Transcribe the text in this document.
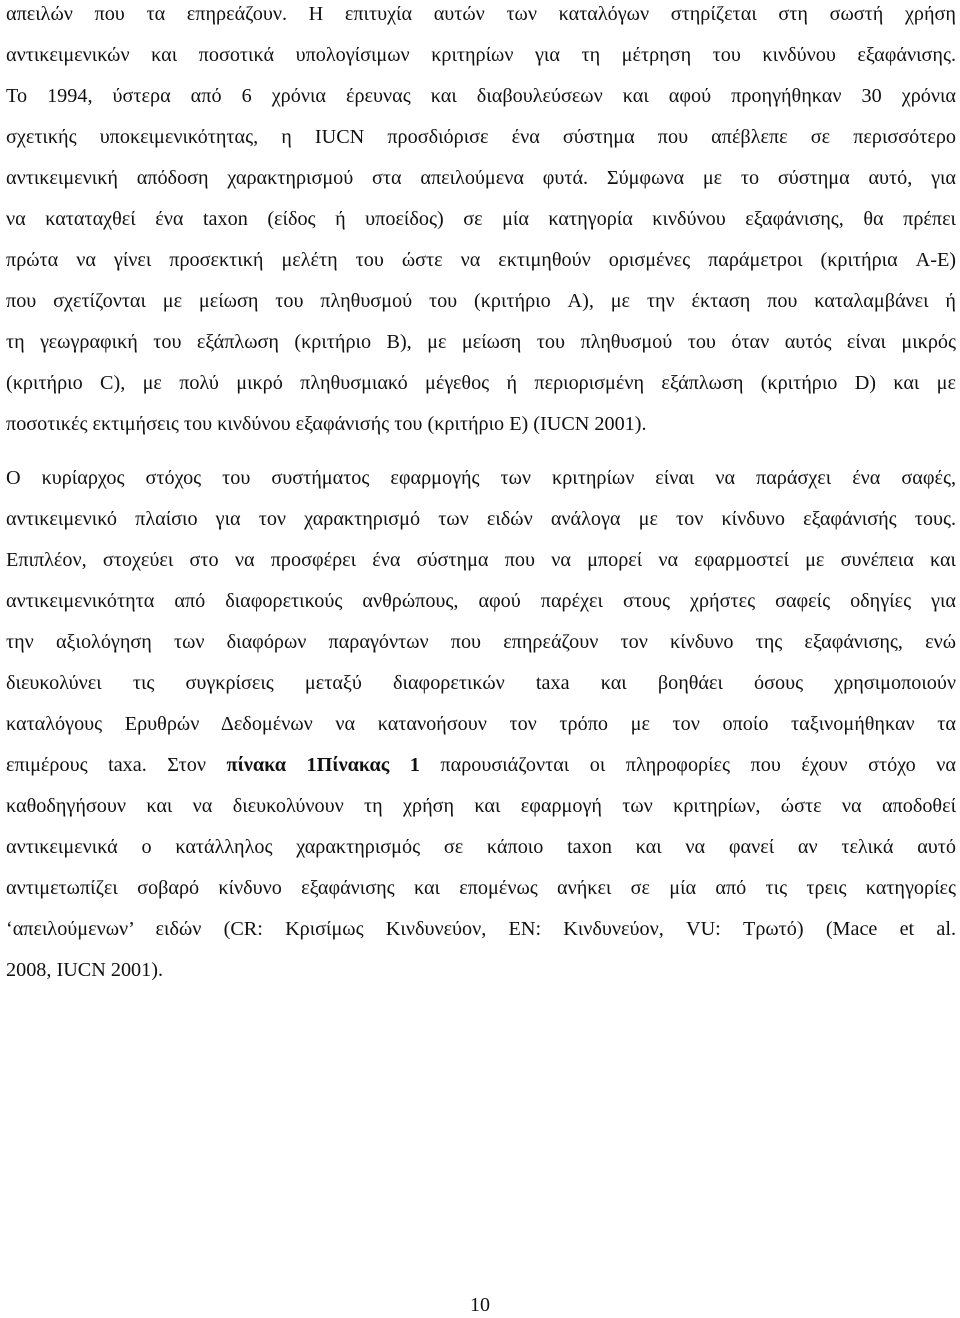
απειλών που τα επηρεάζουν. Η επιτυχία αυτών των καταλόγων στηρίζεται στη σωστή χρήση
αντικειμενικών και ποσοτικά υπολογίσιμων κριτηρίων για τη μέτρηση του κινδύνου εξαφάνισης.
Το 1994, ύστερα από 6 χρόνια έρευνας και διαβουλεύσεων και αφού προηγήθηκαν 30 χρόνια
σχετικής υποκειμενικότητας, η IUCN προσδιόρισε ένα σύστημα που απέβλεπε σε περισσότερο
αντικειμενική απόδοση χαρακτηρισμού στα απειλούμενα φυτά. Σύμφωνα με το σύστημα αυτό, για
να καταταχθεί ένα taxon (είδος ή υποείδος) σε μία κατηγορία κινδύνου εξαφάνισης, θα πρέπει
πρώτα να γίνει προσεκτική μελέτη του ώστε να εκτιμηθούν ορισμένες παράμετροι (κριτήρια A-E)
που σχετίζονται με μείωση του πληθυσμού του (κριτήριο A), με την έκταση που καταλαμβάνει ή
τη γεωγραφική του εξάπλωση (κριτήριο B), με μείωση του πληθυσμού του όταν αυτός είναι μικρός
(κριτήριο C), με πολύ μικρό πληθυσμιακό μέγεθος ή περιορισμένη εξάπλωση (κριτήριο D) και με
ποσοτικές εκτιμήσεις του κινδύνου εξαφάνισής του (κριτήριο E) (IUCN 2001).

Ο κυρίαρχος στόχος του συστήματος εφαρμογής των κριτηρίων είναι να παράσχει ένα σαφές,
αντικειμενικό πλαίσιο για τον χαρακτηρισμό των ειδών ανάλογα με τον κίνδυνο εξαφάνισής τους.
Επιπλέον, στοχεύει στο να προσφέρει ένα σύστημα που να μπορεί να εφαρμοστεί με συνέπεια και
αντικειμενικότητα από διαφορετικούς ανθρώπους, αφού παρέχει στους χρήστες σαφείς οδηγίες για
την αξιολόγηση των διαφόρων παραγόντων που επηρεάζουν τον κίνδυνο της εξαφάνισης, ενώ
διευκολύνει τις συγκρίσεις μεταξύ διαφορετικών taxa και βοηθάει όσους χρησιμοποιούν
καταλόγους Ερυθρών Δεδομένων να κατανοήσουν τον τρόπο με τον οποίο ταξινομήθηκαν τα
επιμέρους taxa. Στον πίνακα 1Πίνακας 1 παρουσιάζονται οι πληροφορίες που έχουν στόχο να
καθοδηγήσουν και να διευκολύνουν τη χρήση και εφαρμογή των κριτηρίων, ώστε να αποδοθεί
αντικειμενικά ο κατάλληλος χαρακτηρισμός σε κάποιο taxon και να φανεί αν τελικά αυτό
αντιμετωπίζει σοβαρό κίνδυνο εξαφάνισης και επομένως ανήκει σε μία από τις τρεις κατηγορίες
‘απειλούμενων’ ειδών (CR: Κρισίμως Κινδυνεύον, EN: Κινδυνεύον, VU: Τρωτό) (Mace et al.
2008, IUCN 2001).

10
